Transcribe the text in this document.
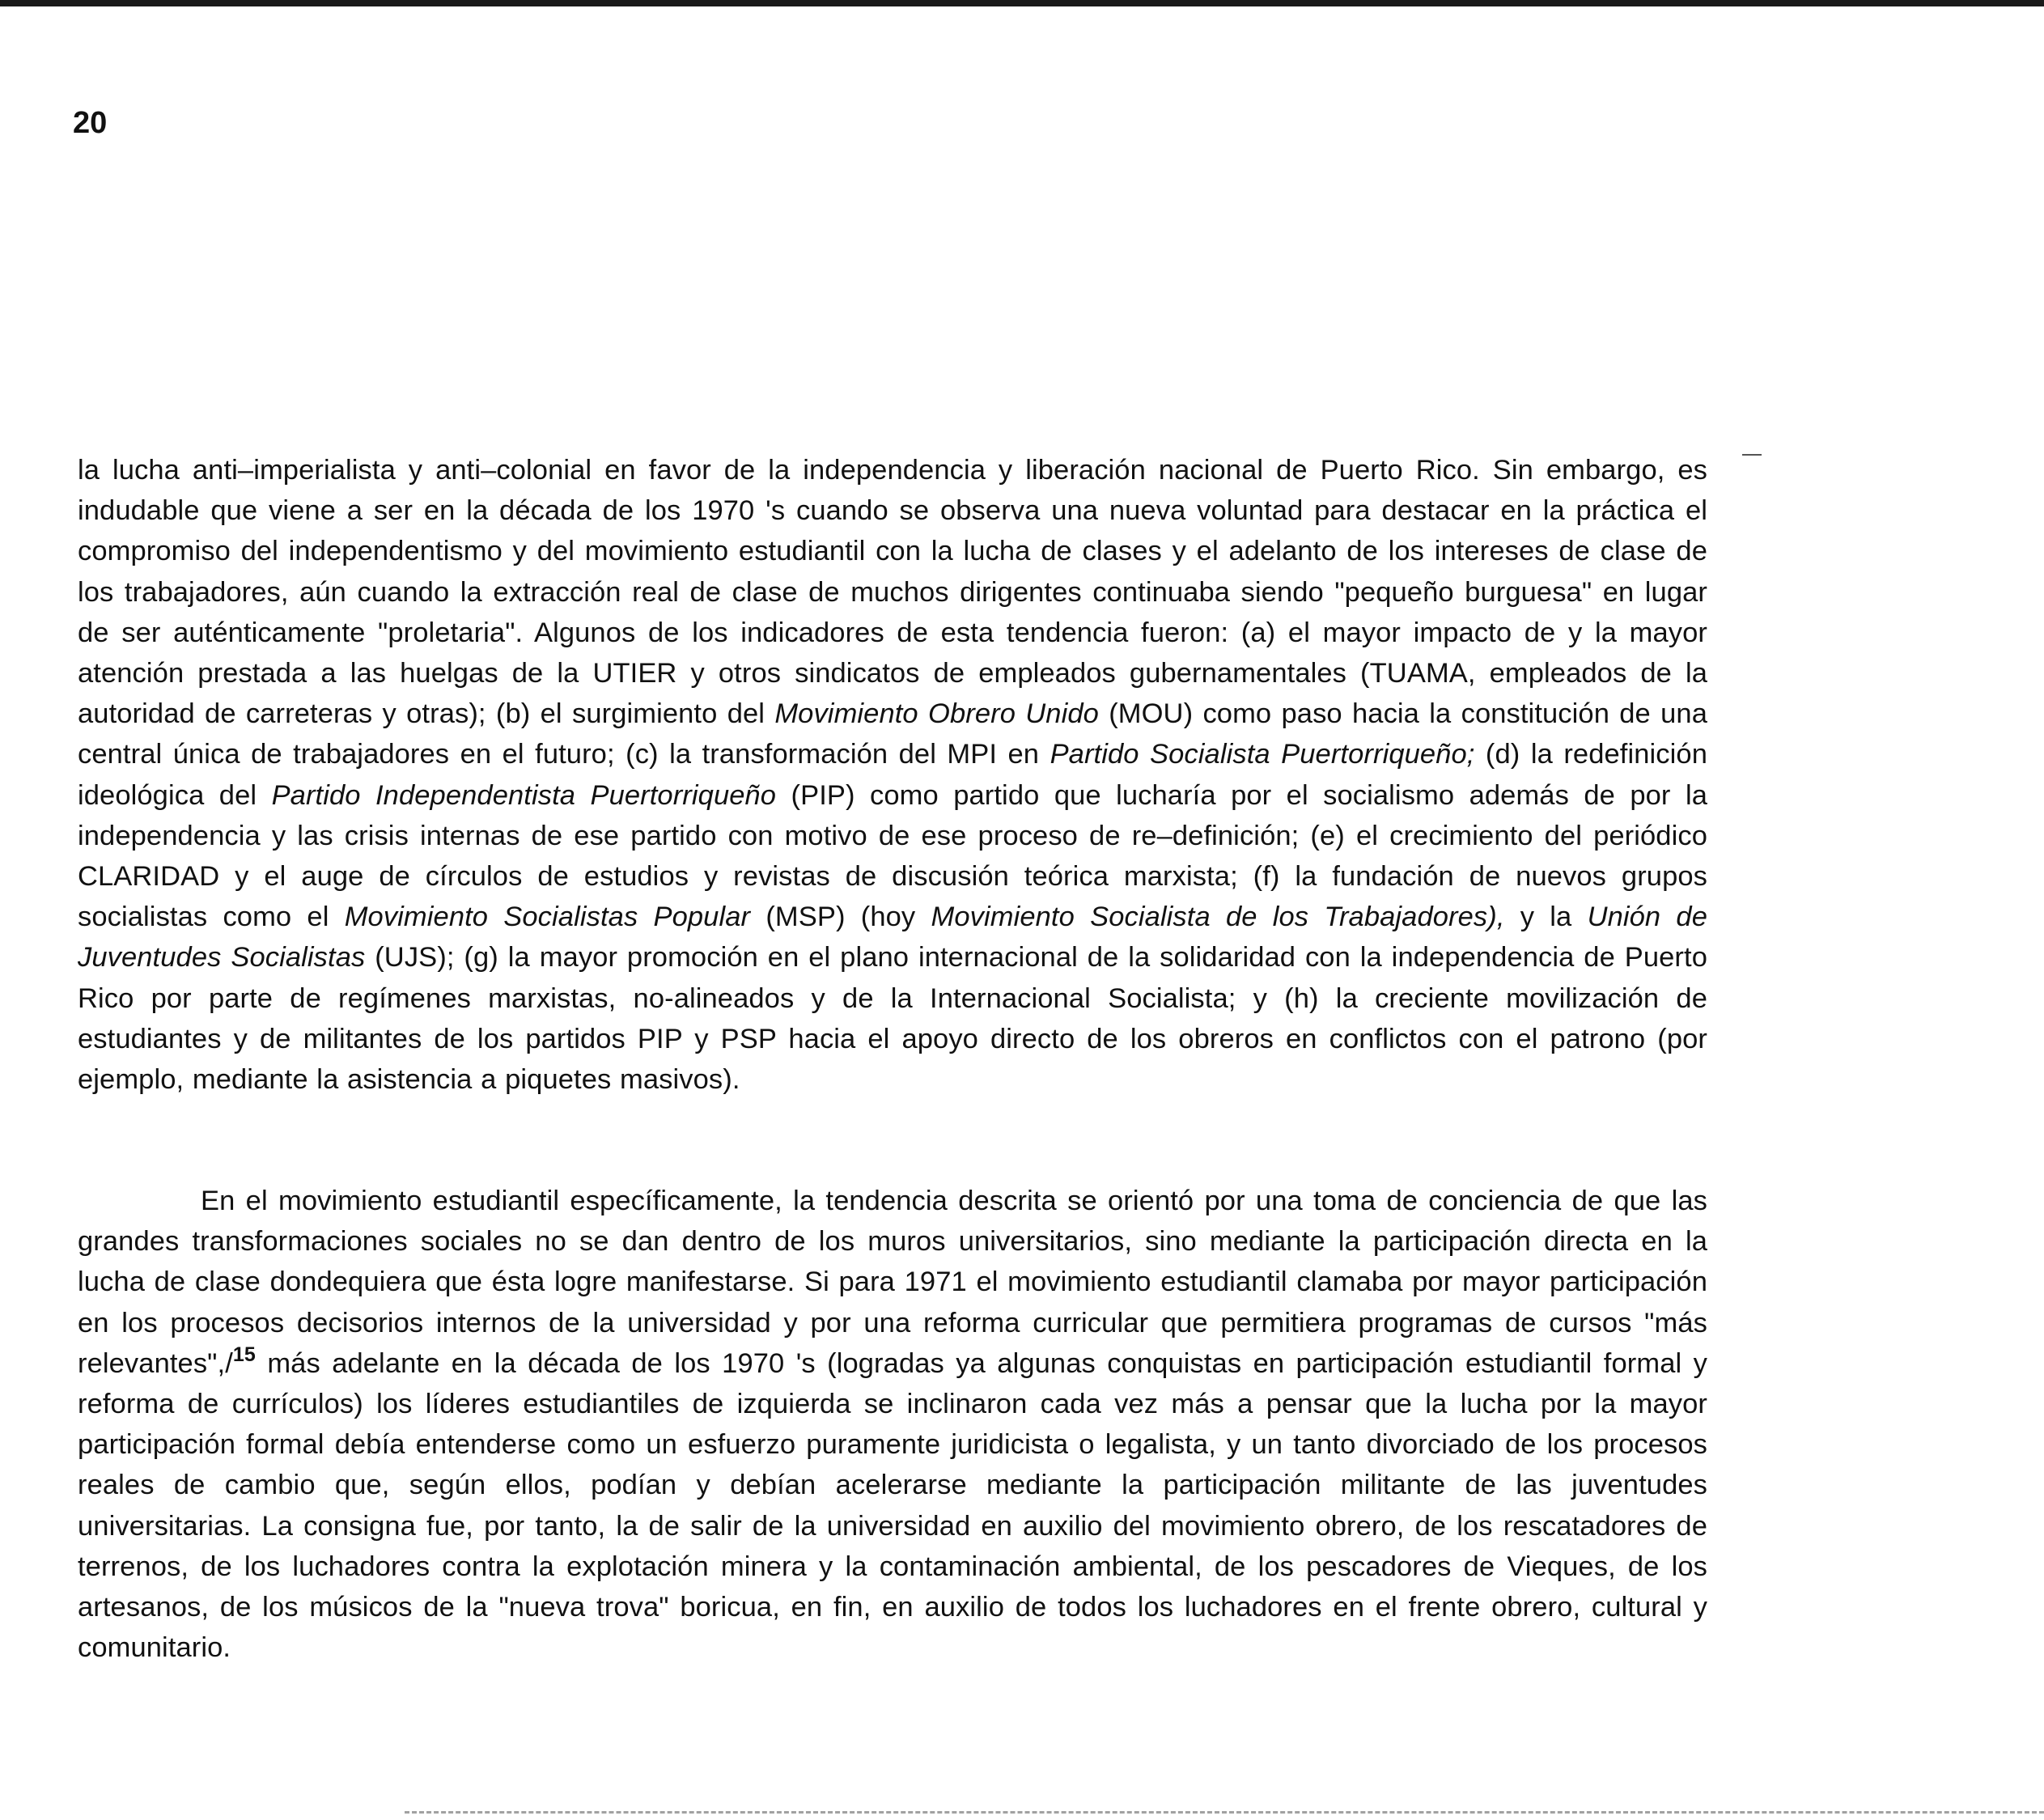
20

la lucha anti–imperialista y anti–colonial en favor de la independencia y liberación nacional de Puerto Rico. Sin embargo, es indudable que viene a ser en la década de los 1970 's cuando se observa una nueva voluntad para destacar en la práctica el compromiso del independentismo y del movimiento estudiantil con la lucha de clases y el adelanto de los intereses de clase de los trabajadores, aún cuando la extracción real de clase de muchos dirigentes continuaba siendo "pequeño burguesa" en lugar de ser auténticamente "proletaria". Algunos de los indicadores de esta tendencia fueron: (a) el mayor impacto de y la mayor atención prestada a las huelgas de la UTIER y otros sindicatos de empleados gubernamentales (TUAMA, empleados de la autoridad de carreteras y otras); (b) el surgimiento del Movimiento Obrero Unido (MOU) como paso hacia la constitución de una central única de trabajadores en el futuro; (c) la transformación del MPI en Partido Socialista Puertorriqueño; (d) la redefinición ideológica del Partido Independentista Puertorriqueño (PIP) como partido que lucharía por el socialismo además de por la independencia y las crisis internas de ese partido con motivo de ese proceso de re–definición; (e) el crecimiento del periódico CLARIDAD y el auge de círculos de estudios y revistas de discusión teórica marxista; (f) la fundación de nuevos grupos socialistas como el Movimiento Socialistas Popular (MSP) (hoy Movimiento Socialista de los Trabajadores), y la Unión de Juventudes Socialistas (UJS); (g) la mayor promoción en el plano internacional de la solidaridad con la independencia de Puerto Rico por parte de regímenes marxistas, no-alineados y de la Internacional Socialista; y (h) la creciente movilización de estudiantes y de militantes de los partidos PIP y PSP hacia el apoyo directo de los obreros en conflictos con el patrono (por ejemplo, mediante la asistencia a piquetes masivos).

En el movimiento estudiantil específicamente, la tendencia descrita se orientó por una toma de conciencia de que las grandes transformaciones sociales no se dan dentro de los muros universitarios, sino mediante la participación directa en la lucha de clase dondequiera que ésta logre manifestarse. Si para 1971 el movimiento estudiantil clamaba por mayor participación en los procesos decisorios internos de la universidad y por una reforma curricular que permitiera programas de cursos "más relevantes",/$^{15}$ más adelante en la década de los 1970 's (logradas ya algunas conquistas en participación estudiantil formal y reforma de currículos) los líderes estudiantiles de izquierda se inclinaron cada vez más a pensar que la lucha por la mayor participación formal debía entenderse como un esfuerzo puramente juridicista o legalista, y un tanto divorciado de los procesos reales de cambio que, según ellos, podían y debían acelerarse mediante la participación militante de las juventudes universitarias. La consigna fue, por tanto, la de salir de la universidad en auxilio del movimiento obrero, de los rescatadores de terrenos, de los luchadores contra la explotación minera y la contaminación ambiental, de los pescadores de Vieques, de los artesanos, de los músicos de la "nueva trova" boricua, en fin, en auxilio de todos los luchadores en el frente obrero, cultural y comunitario.
